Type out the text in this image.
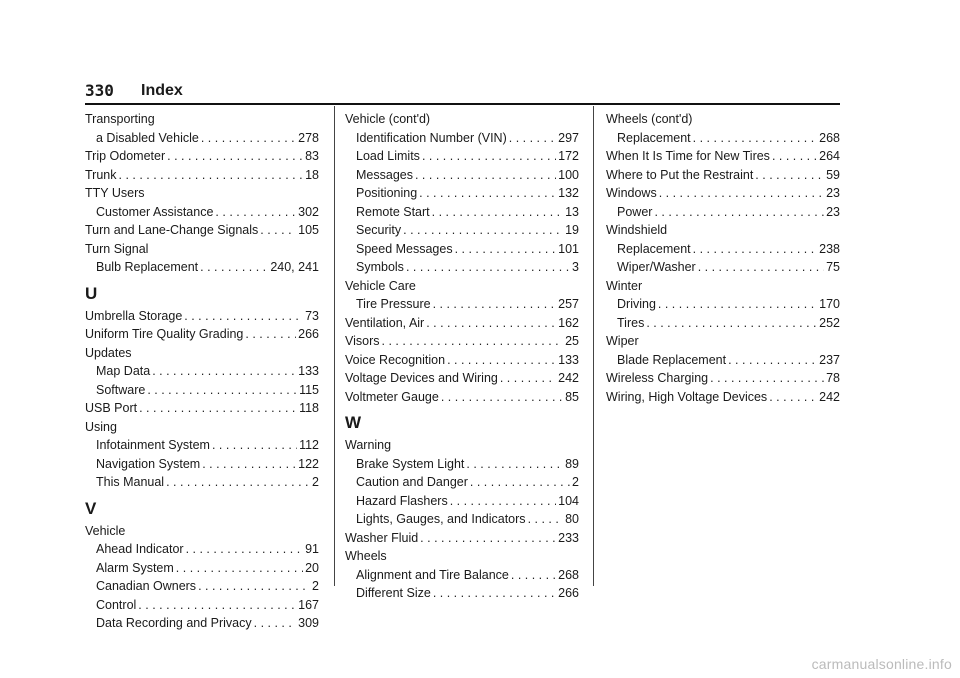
330 Index
Transporting
a Disabled Vehicle . . .	278
Trip Odometer . . .	83
Trunk . . .	18
TTY Users
Customer Assistance . . .	302
Turn and Lane-Change Signals . . .	105
Turn Signal
Bulb Replacement . . .	240, 241
U
Umbrella Storage . . .	73
Uniform Tire Quality Grading . . .	266
Updates
Map Data . . .	133
Software . . .	115
USB Port . . .	118
Using
Infotainment System . . .	112
Navigation System . . .	122
This Manual . . .	2
V
Vehicle
Ahead Indicator . . .	91
Alarm System . . .	20
Canadian Owners . . .	2
Control . . .	167
Data Recording and Privacy . . .	309
Vehicle (cont'd)
Identification Number (VIN) . . .	297
Load Limits . . .	172
Messages . . .	100
Positioning . . .	132
Remote Start . . .	13
Security . . .	19
Speed Messages . . .	101
Symbols . . .	3
Vehicle Care
Tire Pressure . . .	257
Ventilation, Air . . .	162
Visors . . .	25
Voice Recognition . . .	133
Voltage Devices and Wiring . . .	242
Voltmeter Gauge . . .	85
W
Warning
Brake System Light . . .	89
Caution and Danger . . .	2
Hazard Flashers . . .	104
Lights, Gauges, and Indicators . . .	80
Washer Fluid . . .	233
Wheels
Alignment and Tire Balance . . .	268
Different Size . . .	266
Wheels (cont'd)
Replacement . . .	268
When It Is Time for New Tires . . .	264
Where to Put the Restraint . . .	59
Windows . . .	23
Power . . .	23
Windshield
Replacement . . .	238
Wiper/Washer . . .	75
Winter
Driving . . .	170
Tires . . .	252
Wiper
Blade Replacement . . .	237
Wireless Charging . . .	78
Wiring, High Voltage Devices . . .	242
carmanualsonline.info
